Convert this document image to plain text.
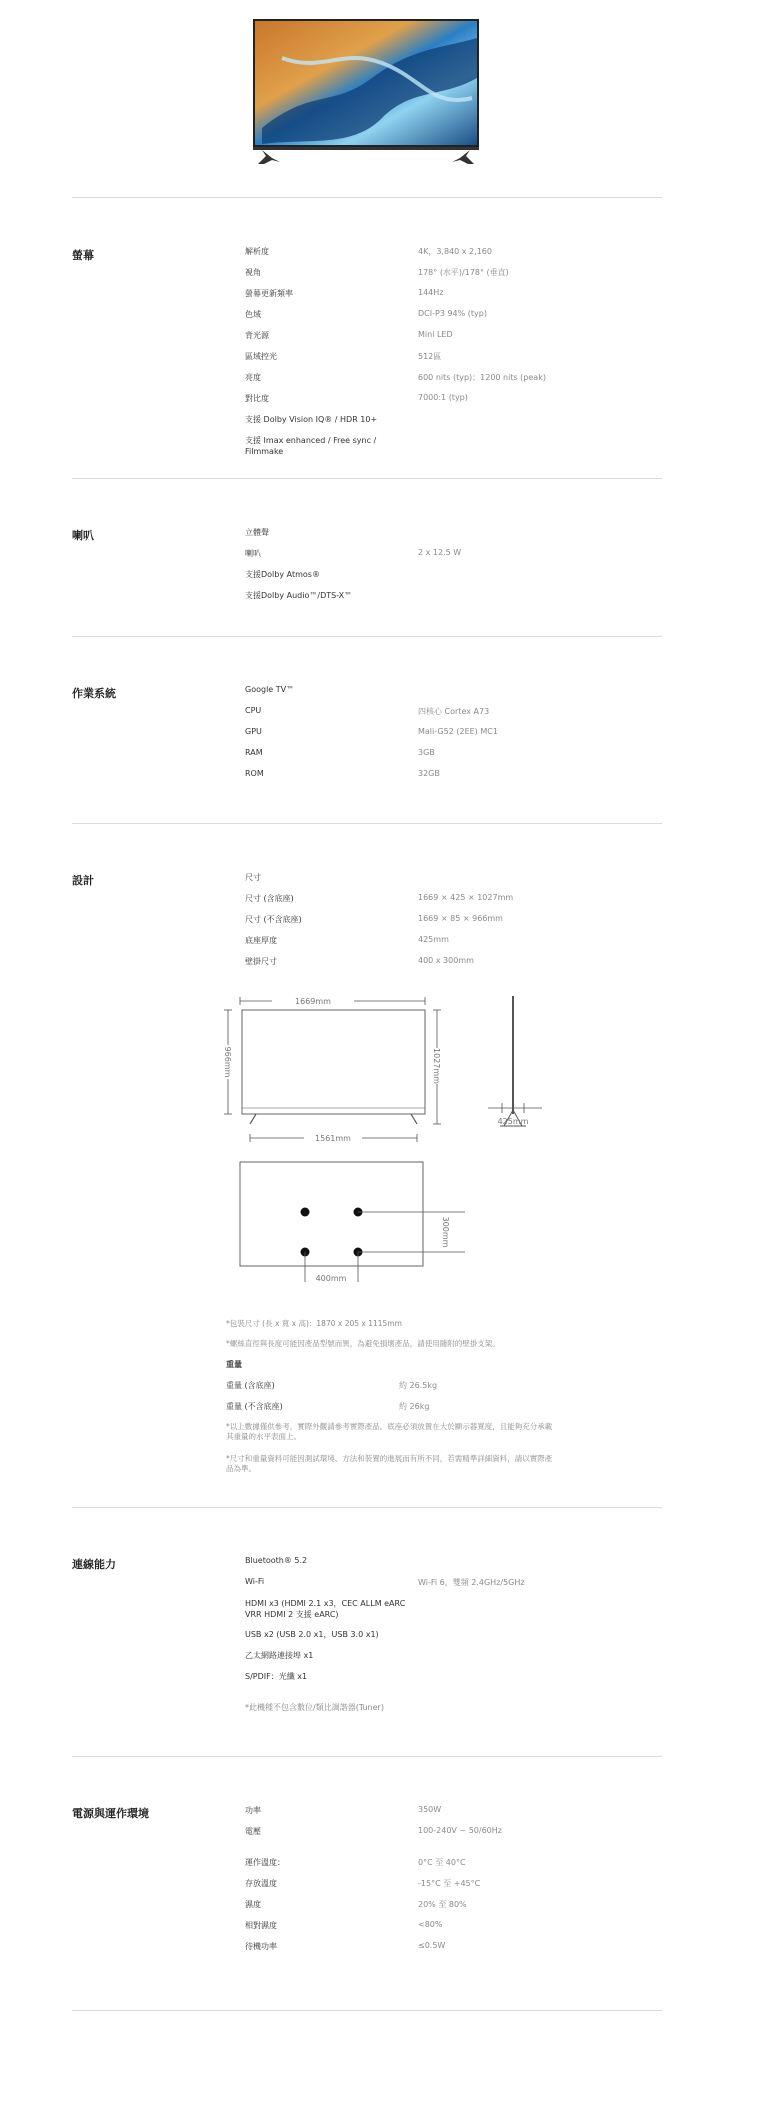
螢幕	解析度	4K，3,840 x 2,160
視角	178° (水平)/178° (垂直)
螢幕更新頻率	144Hz
色域	DCI-P3 94% (typ)
背光源	Mini LED
區域控光	512區
亮度	600 nits (typ)；1200 nits (peak)
對比度	7000:1 (typ)
支援 Dolby Vision IQ® / HDR 10+
支援 Imax enhanced / Free sync / Filmmake
喇叭	立體聲
喇叭	2 x 12.5 W
支援Dolby Atmos®
支援Dolby Audio™/DTS-X™
作業系統	Google TV™
CPU	四核心 Cortex A73
GPU	Mali-G52 (2EE) MC1
RAM	3GB
ROM	32GB
設計	尺寸
尺寸 (含底座)	1669 × 425 × 1027mm
尺寸 (不含底座)	1669 × 85 × 966mm
底座厚度	425mm
壁掛尺寸	400 x 300mm
1669mm
966mm	1027mm
1561mm
425mm
300mm
400mm
*包裝尺寸 (長 x 寬 x 高)：1870 x 205 x 1115mm
*螺絲直徑與長度可能因產品型號而異，為避免損壞產品，請使用隨附的壁掛支架。
重量
重量 (含底座)	約 26.5kg
重量 (不含底座)	約 26kg
*以上數據僅供參考，實際外觀請參考實際產品。底座必須放置在大於顯示器寬度，且能夠充分承載其重量的水平表面上。
*尺寸和重量資料可能因測試環境、方法和裝置的進展而有所不同，若需精準詳細資料，請以實際產品為準。
連線能力	Bluetooth® 5.2
Wi-Fi	Wi-Fi 6，雙頻 2.4GHz/5GHz
HDMI x3 (HDMI 2.1 x3，CEC ALLM eARC VRR HDMI 2 支援 eARC)
USB x2 (USB 2.0 x1，USB 3.0 x1)
乙太網路連接埠 x1
S/PDIF：光纖 x1
*此機種不包含數位/類比調諧器(Tuner)
電源與運作環境	功率	350W
電壓	100-240V ~ 50/60Hz
運作溫度：	0°C 至 40°C
存放溫度	-15°C 至 +45°C
濕度	20% 至 80%
相對濕度	<80%
待機功率	≤0.5W
